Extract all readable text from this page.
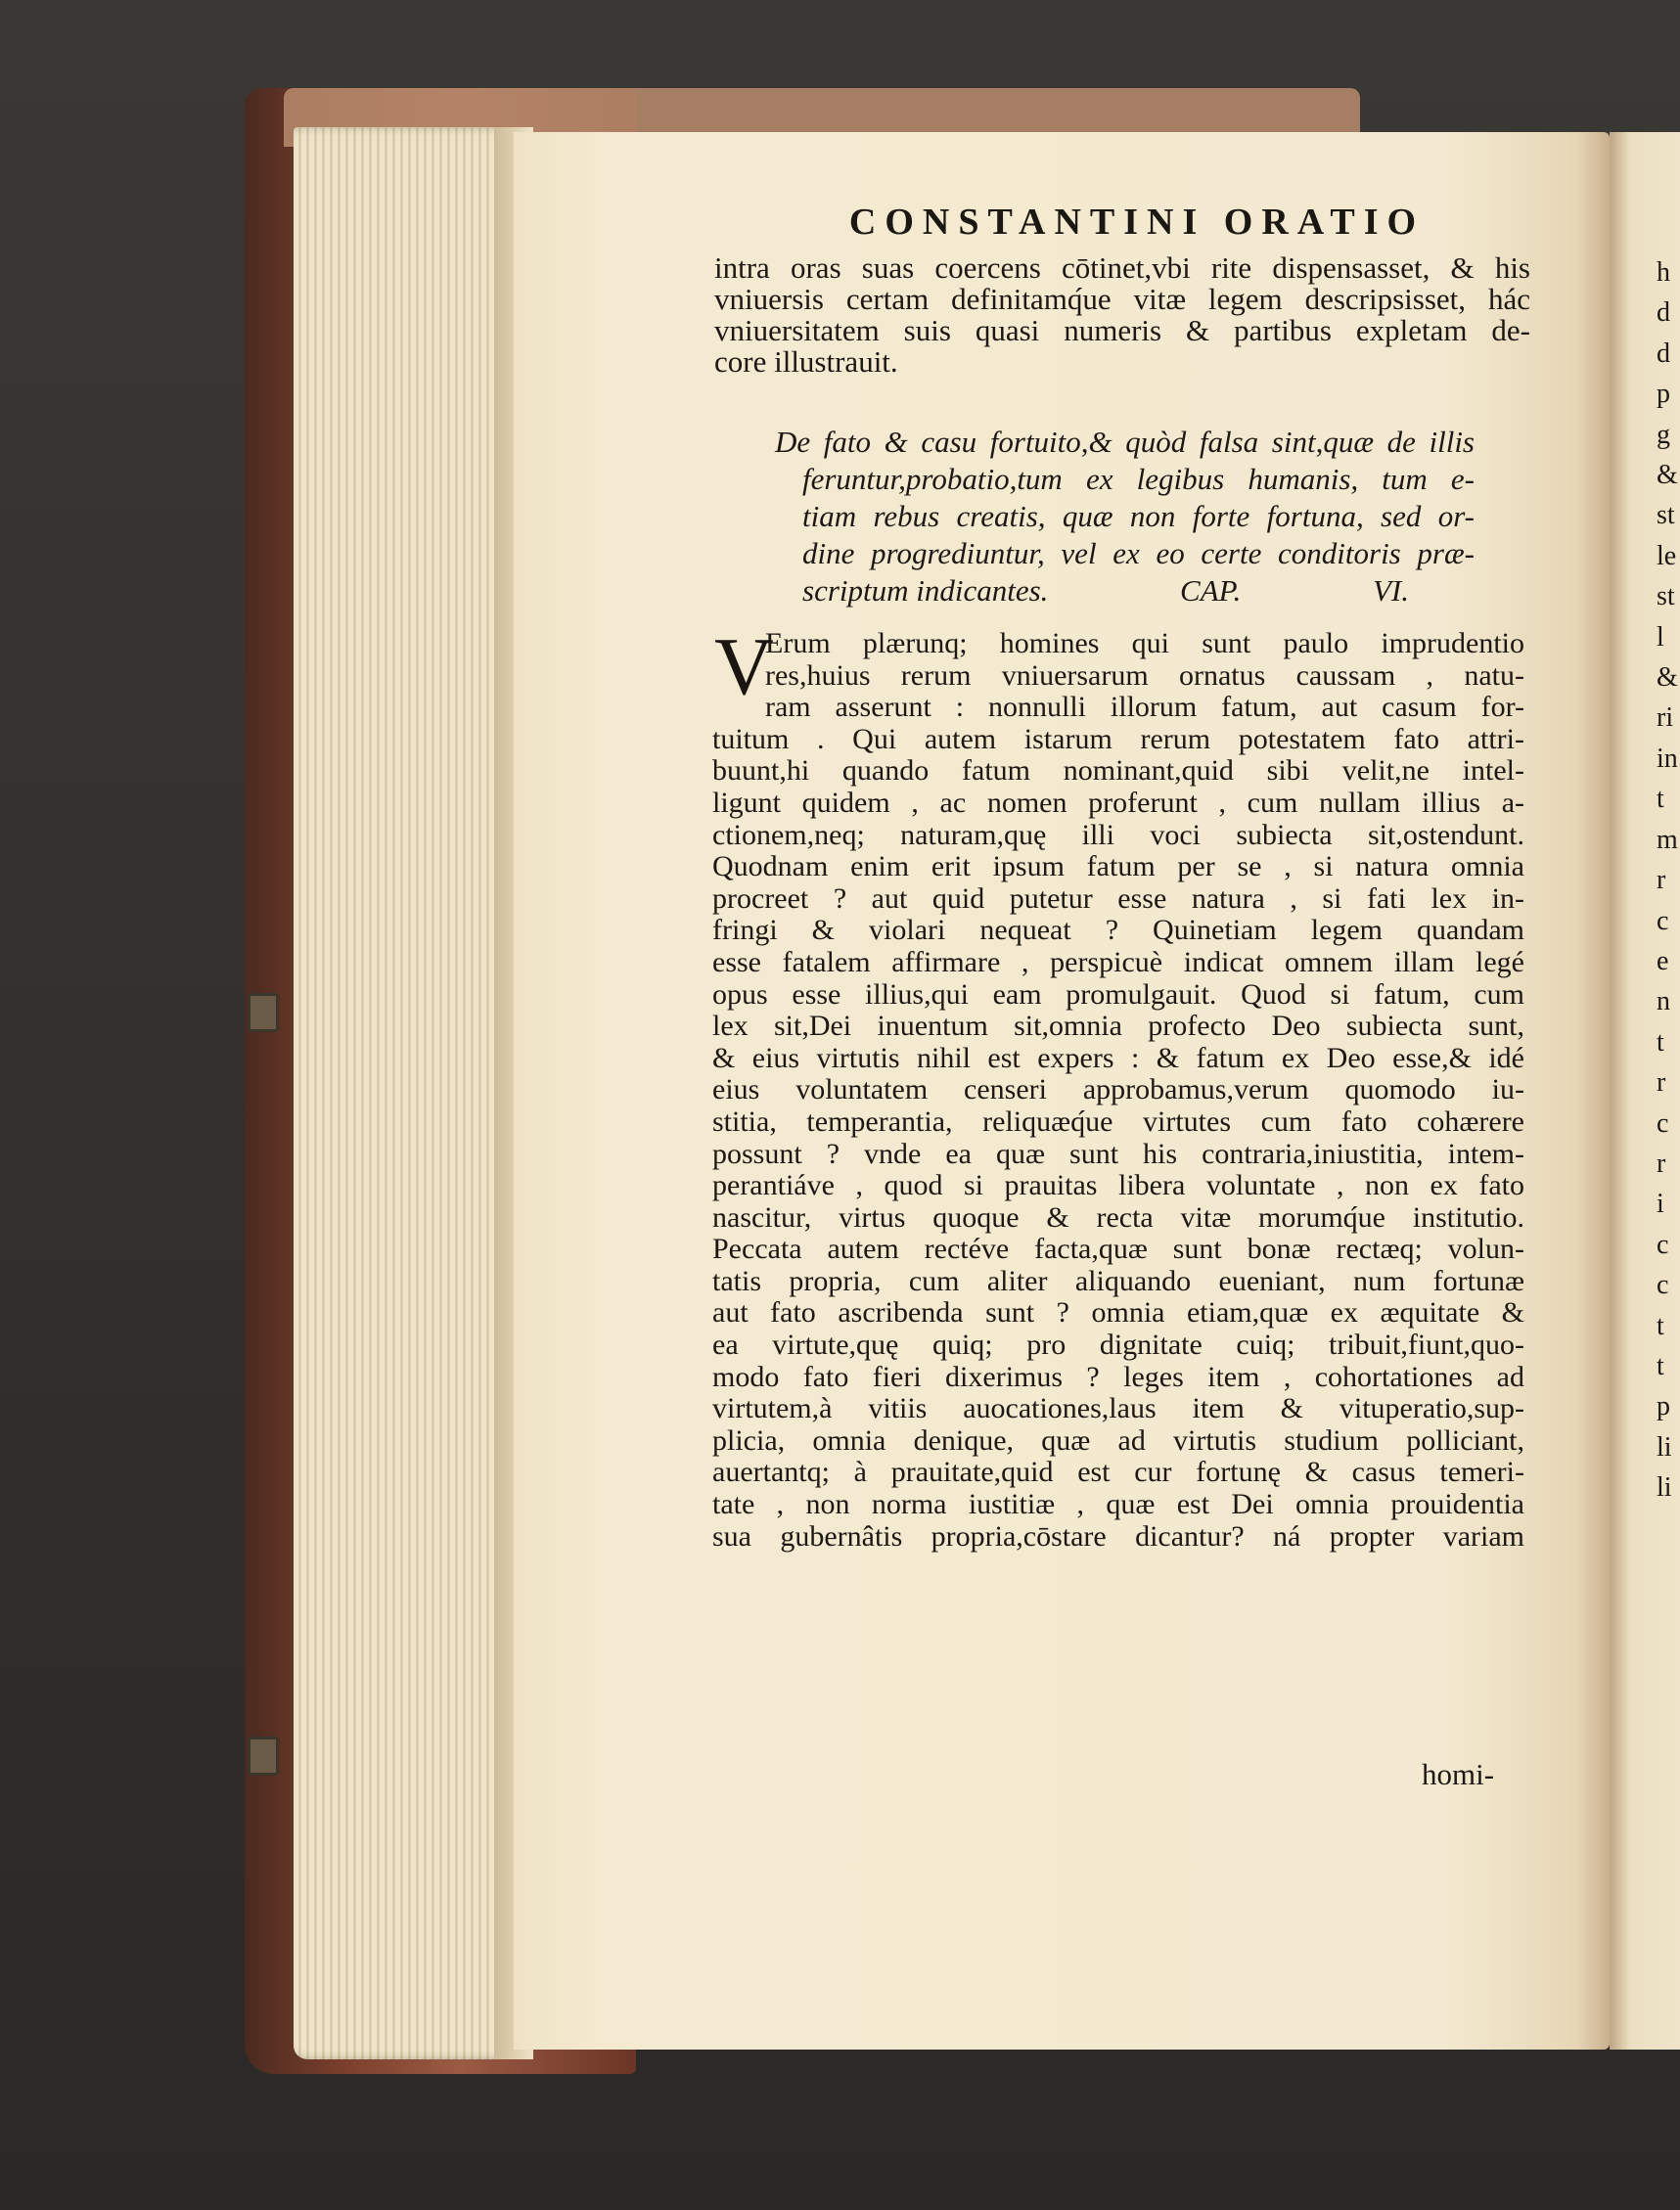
CONSTANTINI ORATIO
intra oras suas coercens cōtinet,vbi rite dispensasset, & his
vniuersis certam definitamq́ue vitæ legem descripsisset, hác
vniuersitatem suis quasi numeris & partibus expletam de-
core illustrauit.
De fato & casu fortuito,& quòd falsa sint,quæ de illis
feruntur,probatio,tum ex legibus humanis, tum e-
tiam rebus creatis, quæ non forte fortuna, sed or-
dine progrediuntur, vel ex eo certe conditoris præ-
scriptum indicantes.	CAP.	VI.
V
Erum plærunq; homines qui sunt paulo imprudentio
res,huius rerum vniuersarum ornatus caussam , natu-
ram asserunt : nonnulli illorum fatum, aut casum for-
tuitum . Qui autem istarum rerum potestatem fato attri-
buunt,hi quando fatum nominant,quid sibi velit,ne intel-
ligunt quidem , ac nomen proferunt , cum nullam illius a-
ctionem,neq; naturam,quę illi voci subiecta sit,ostendunt.
Quodnam enim erit ipsum fatum per se , si natura omnia
procreet ? aut quid putetur esse natura , si fati lex in-
fringi & violari nequeat ? Quinetiam legem quandam
esse fatalem affirmare , perspicuè indicat omnem illam legé
opus esse illius,qui eam promulgauit. Quod si fatum, cum
lex sit,Dei inuentum sit,omnia profecto Deo subiecta sunt,
& eius virtutis nihil est expers : & fatum ex Deo esse,& idé
eius voluntatem censeri approbamus,verum quomodo iu-
stitia, temperantia, reliquæq́ue virtutes cum fato cohærere
possunt ? vnde ea quæ sunt his contraria,iniustitia, intem-
perantiáve , quod si prauitas libera voluntate , non ex fato
nascitur, virtus quoque & recta vitæ morumq́ue institutio.
Peccata autem rectéve facta,quæ sunt bonæ rectæq; volun-
tatis propria, cum aliter aliquando eueniant, num fortunæ
aut fato ascribenda sunt ? omnia etiam,quæ ex æquitate &
ea virtute,quę quiq; pro dignitate cuiq; tribuit,fiunt,quo-
modo fato fieri dixerimus ? leges item , cohortationes ad
virtutem,à vitiis auocationes,laus item & vituperatio,sup-
plicia, omnia denique, quæ ad virtutis studium polliciant,
auertantq; à prauitate,quid est cur fortunę & casus temeri-
tate , non norma iustitiæ , quæ est Dei omnia prouidentia
sua gubernâtis propria,cōstare dicantur? ná propter variam
homi-
h
d
d
p
g
&
st
le
st
l
&
ri
in
t
m
r
c
e
n
t
r
c
r
i
c
c
t
t
p
li
li
